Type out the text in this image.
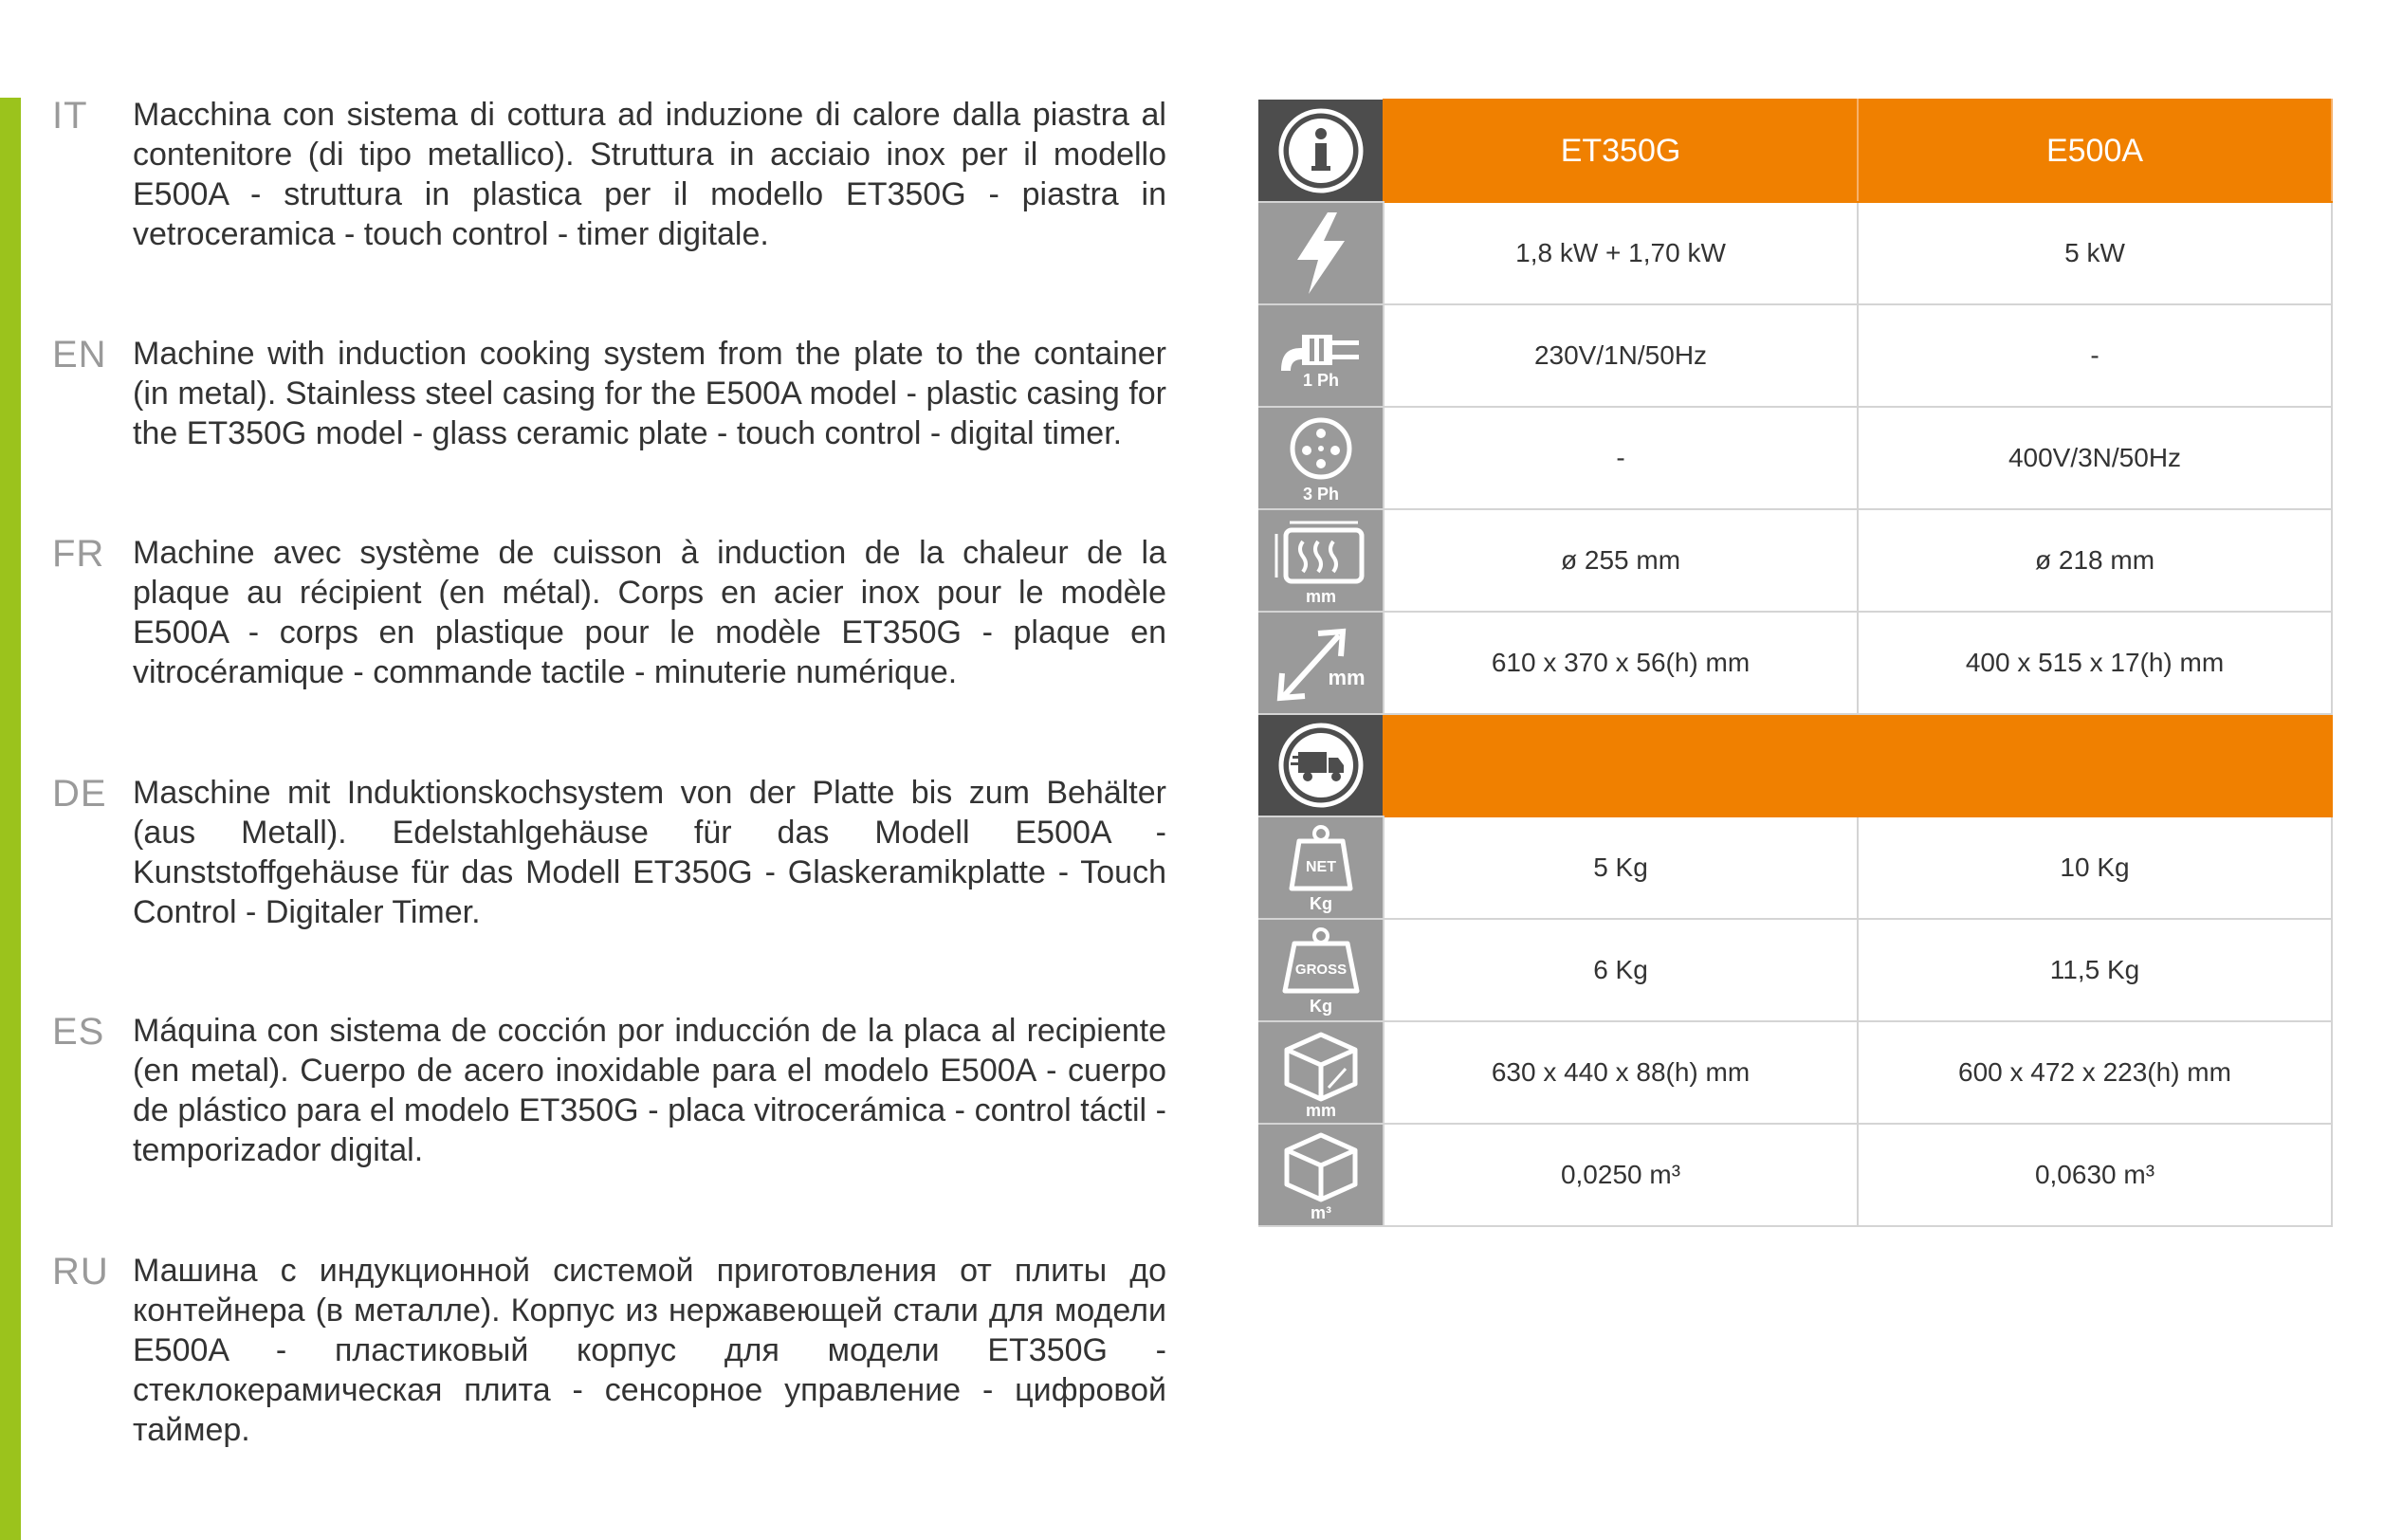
IT Macchina con sistema di cottura ad induzione di calore dalla piastra al contenitore (di tipo metallico). Struttura in acciaio inox per il modello E500A - struttura in plastica per il modello ET350G - piastra in vetroceramica - touch control - timer digitale.
EN Machine with induction cooking system from the plate to the container (in metal). Stainless steel casing for the E500A model - plastic casing for the ET350G model - glass ceramic plate - touch control - digital timer.
FR Machine avec système de cuisson à induction de la chaleur de la plaque au récipient (en métal). Corps en acier inox pour le modèle E500A - corps en plastique pour le modèle ET350G - plaque en vitrocéramique - commande tactile - minuterie numérique.
DE Maschine mit Induktionskochsystem von der Platte bis zum Behälter (aus Metall). Edelstahlgehäuse für das Modell E500A - Kunststoffgehäuse für das Modell ET350G - Glaskeramikplatte - Touch Control - Digitaler Timer.
ES Máquina con sistema de cocción por inducción de la placa al recipiente (en metal). Cuerpo de acero inoxidable para el modelo E500A - cuerpo de plástico para el modelo ET350G - placa vitrocerámica - control táctil - temporizador digital.
RU Машина с индукционной системой приготовления от плиты до контейнера (в металле). Корпус из нержавеющей стали для модели E500A - пластиковый корпус для модели ET350G - стеклокерамическая плита - сенсорное управление - цифровой таймер.
	ET350G	E500A

	1,8 kW + 1,70 kW	5 kW

1 Ph	230V/1N/50Hz	-

3 Ph	-	400V/3N/50Hz

mm	ø 255 mm	ø 218 mm

mm	610 x 370 x 56(h) mm	400 x 515 x 17(h) mm

NET
Kg	5 Kg	10 Kg

GROSS
Kg	6 Kg	11,5 Kg

mm	630 x 440 x 88(h) mm	600 x 472 x 223(h) mm

m³	0,0250 m³	0,0630 m³
